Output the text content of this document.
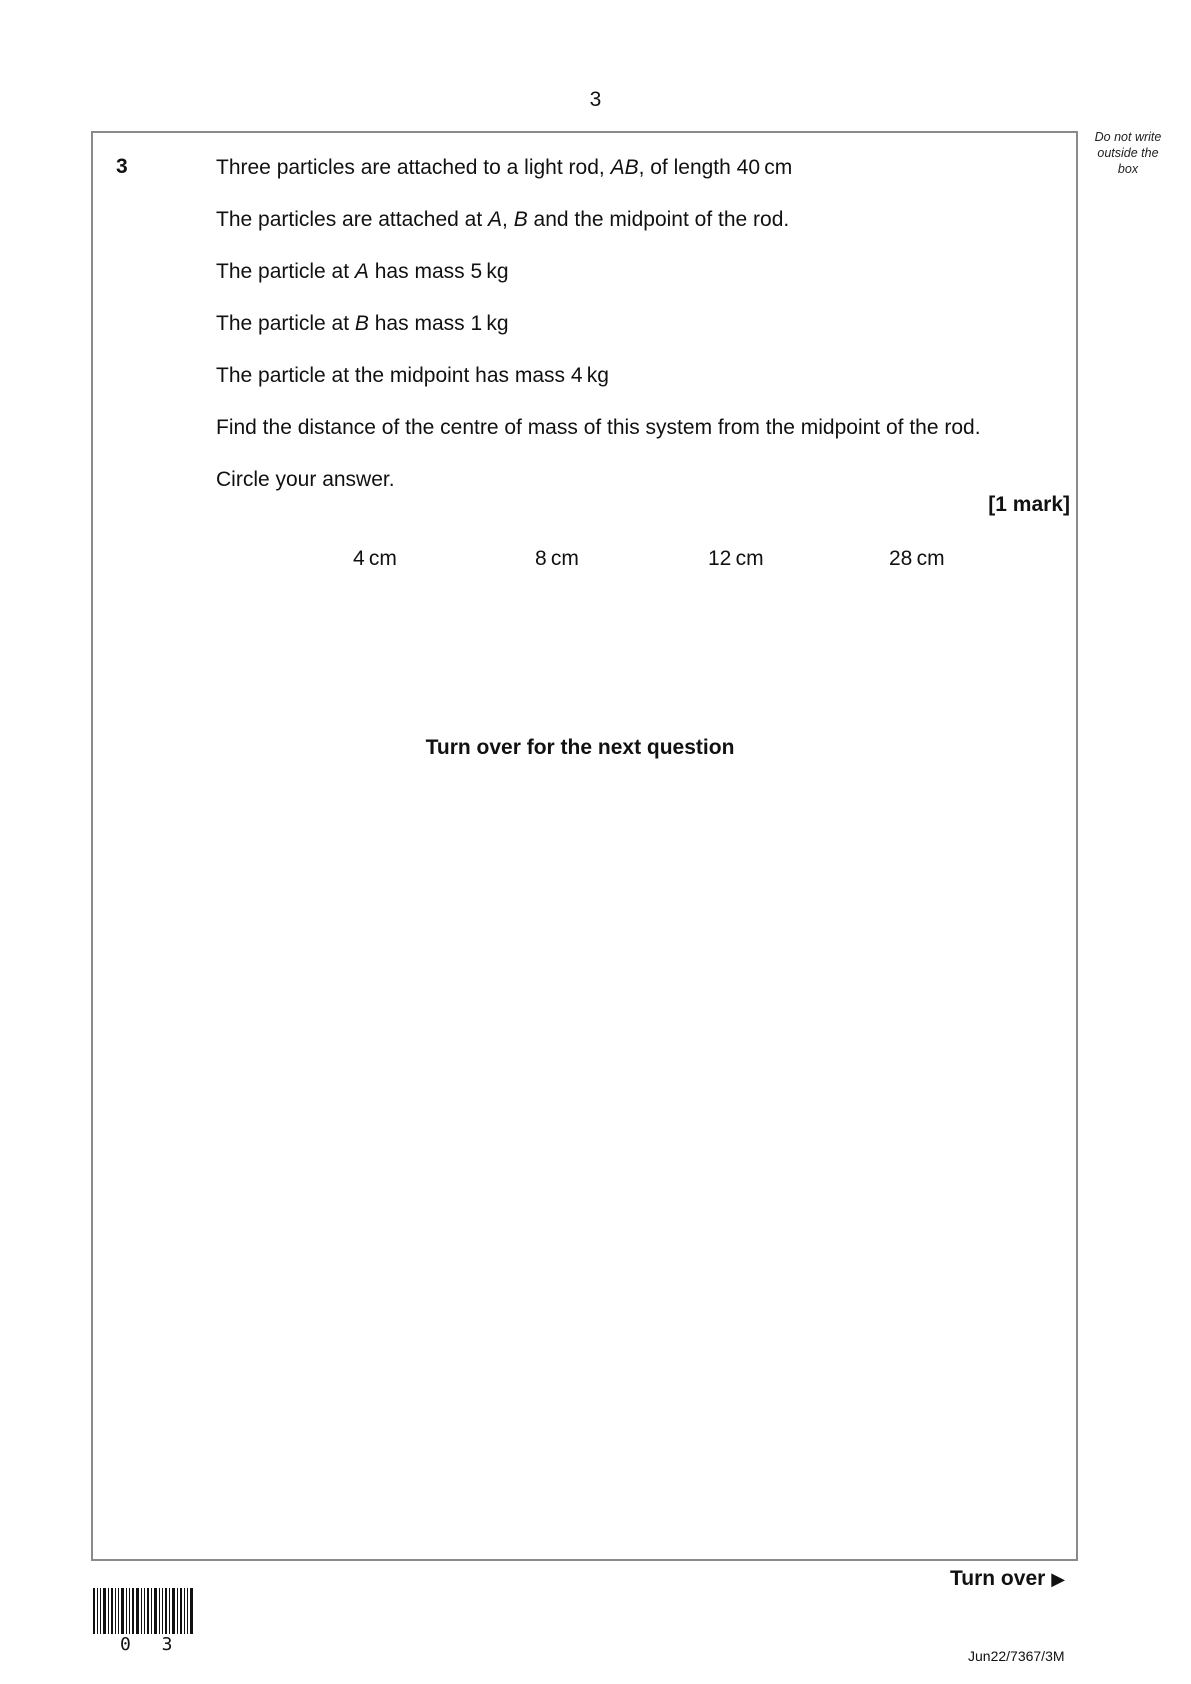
3
Do not write outside the box
3	Three particles are attached to a light rod, AB, of length 40 cm
The particles are attached at A, B and the midpoint of the rod.
The particle at A has mass 5 kg
The particle at B has mass 1 kg
The particle at the midpoint has mass 4 kg
Find the distance of the centre of mass of this system from the midpoint of the rod.
Circle your answer.
[1 mark]
4 cm	8 cm	12 cm	28 cm
Turn over for the next question
Turn over ▶
0 3
Jun22/7367/3M
